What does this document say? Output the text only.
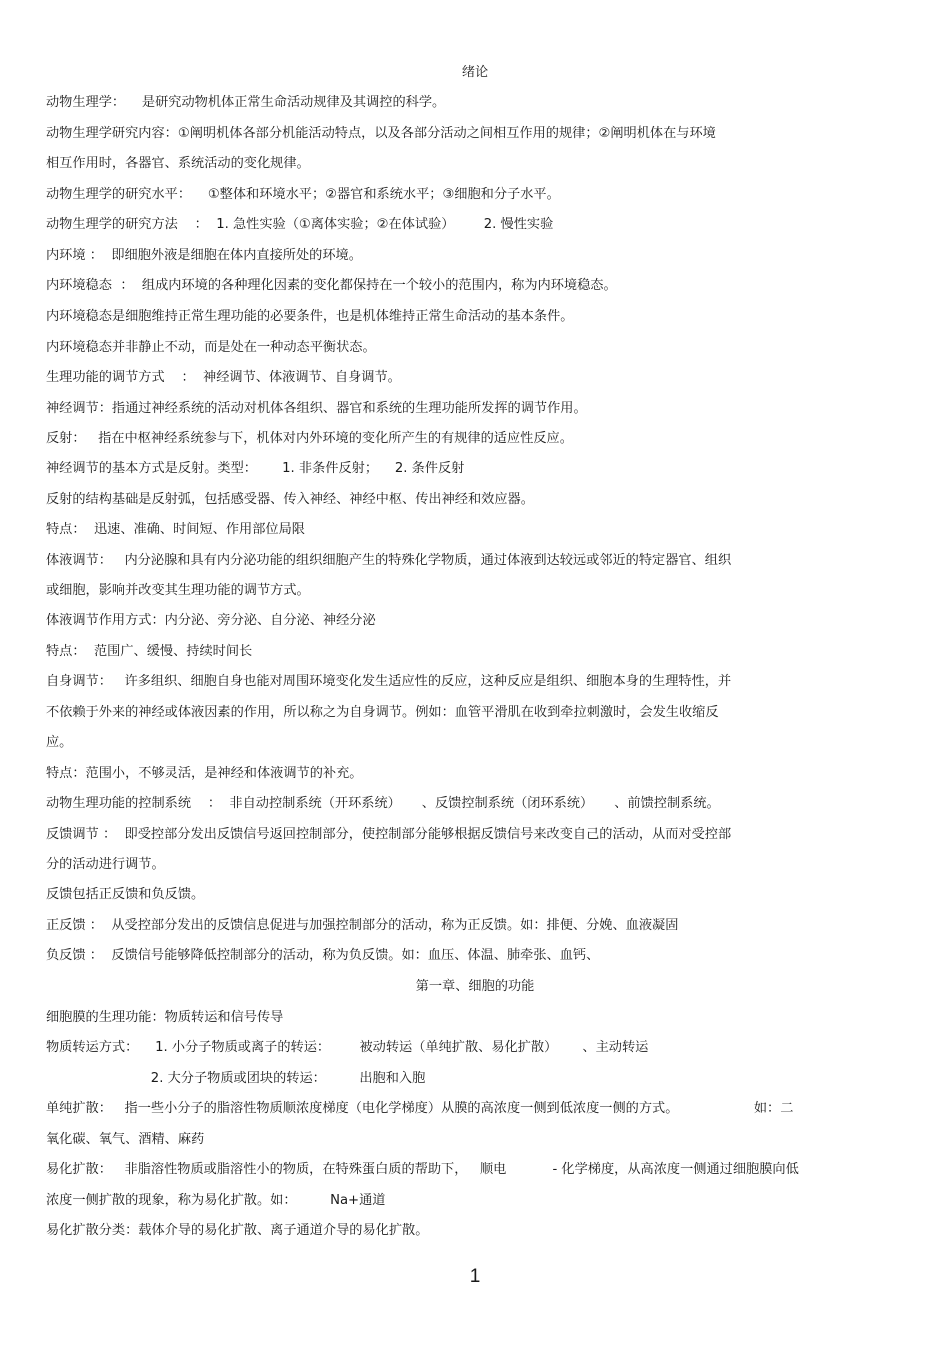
绪论
动物生理学：    是研究动物机体正常生命活动规律及其调控的科学。
动物生理学研究内容：①阐明机体各部分机能活动特点，以及各部分活动之间相互作用的规律；②阐明机体在与环境
相互作用时，各器官、系统活动的变化规律。
动物生理学的研究水平：    ①整体和环境水平；②器官和系统水平；③细胞和分子水平。
动物生理学的研究方法    ：  1. 急性实验（①离体实验；②在体试验）       2. 慢性实验
内环境 ：  即细胞外液是细胞在体内直接所处的环境。
内环境稳态  ：  组成内环境的各种理化因素的变化都保持在一个较小的范围内，称为内环境稳态。
内环境稳态是细胞维持正常生理功能的必要条件，也是机体维持正常生命活动的基本条件。
内环境稳态并非静止不动，而是处在一种动态平衡状态。
生理功能的调节方式    ：  神经调节、体液调节、自身调节。
神经调节：指通过神经系统的活动对机体各组织、器官和系统的生理功能所发挥的调节作用。
反射：   指在中枢神经系统参与下，机体对内外环境的变化所产生的有规律的适应性反应。
神经调节的基本方式是反射。类型：      1. 非条件反射；    2. 条件反射
反射的结构基础是反射弧，包括感受器、传入神经、神经中枢、传出神经和效应器。
特点：  迅速、准确、时间短、作用部位局限
体液调节：   内分泌腺和具有内分泌功能的组织细胞产生的特殊化学物质，通过体液到达较远或邻近的特定器官、组织
或细胞，影响并改变其生理功能的调节方式。
体液调节作用方式：内分泌、旁分泌、自分泌、神经分泌
特点：  范围广、缓慢、持续时间长
自身调节：   许多组织、细胞自身也能对周围环境变化发生适应性的反应，这种反应是组织、细胞本身的生理特性，并
不依赖于外来的神经或体液因素的作用，所以称之为自身调节。例如：血管平滑肌在收到牵拉刺激时，会发生收缩反
应。
特点：范围小，不够灵活，是神经和体液调节的补充。
动物生理功能的控制系统    ：  非自动控制系统（开环系统）     、反馈控制系统（闭环系统）     、前馈控制系统。
反馈调节 ：  即受控部分发出反馈信号返回控制部分，使控制部分能够根据反馈信号来改变自己的活动，从而对受控部
分的活动进行调节。
反馈包括正反馈和负反馈。
正反馈 ：  从受控部分发出的反馈信息促进与加强控制部分的活动，称为正反馈。如：排便、分娩、血液凝固
负反馈 ：  反馈信号能够降低控制部分的活动，称为负反馈。如：血压、体温、肺牵张、血钙、
第一章、细胞的功能
细胞膜的生理功能：物质转运和信号传导
物质转运方式：    1. 小分子物质或离子的转运：       被动转运（单纯扩散、易化扩散）      、主动转运
2. 大分子物质或团块的转运：        出胞和入胞
单纯扩散：   指一些小分子的脂溶性物质顺浓度梯度（电化学梯度）从膜的高浓度一侧到低浓度一侧的方式。                  如：二
氧化碳、氧气、酒精、麻药
易化扩散：   非脂溶性物质或脂溶性小的物质，在特殊蛋白质的帮助下，   顺电           - 化学梯度，从高浓度一侧通过细胞膜向低
浓度一侧扩散的现象，称为易化扩散。如：        Na+通道
易化扩散分类：载体介导的易化扩散、离子通道介导的易化扩散。
1
